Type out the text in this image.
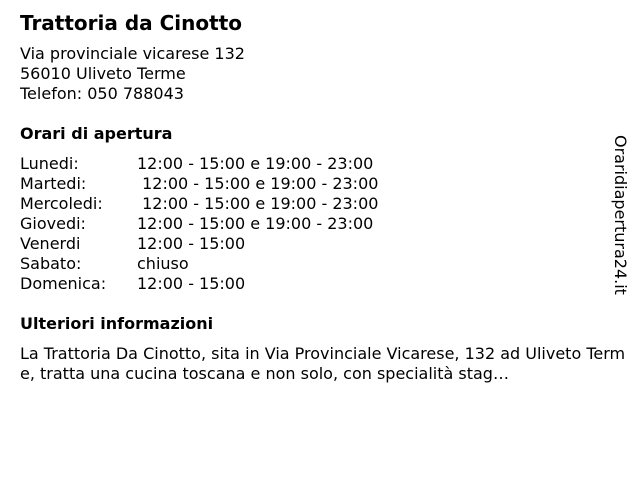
Trattoria da Cinotto
Via provinciale vicarese 132
56010 Uliveto Terme
Telefon: 050 788043
Orari di apertura
Lunedi:	12:00 - 15:00 e 19:00 - 23:00
Martedi:	12:00 - 15:00 e 19:00 - 23:00
Mercoledi:	12:00 - 15:00 e 19:00 - 23:00
Giovedi:	12:00 - 15:00 e 19:00 - 23:00
Venerdi	12:00 - 15:00
Sabato:	chiuso
Domenica:	12:00 - 15:00
Ulteriori informazioni
La Trattoria Da Cinotto, sita in Via Provinciale Vicarese, 132 ad Uliveto Terme, tratta una cucina toscana e non solo, con specialità stag…
Oraridiapertura24.it
